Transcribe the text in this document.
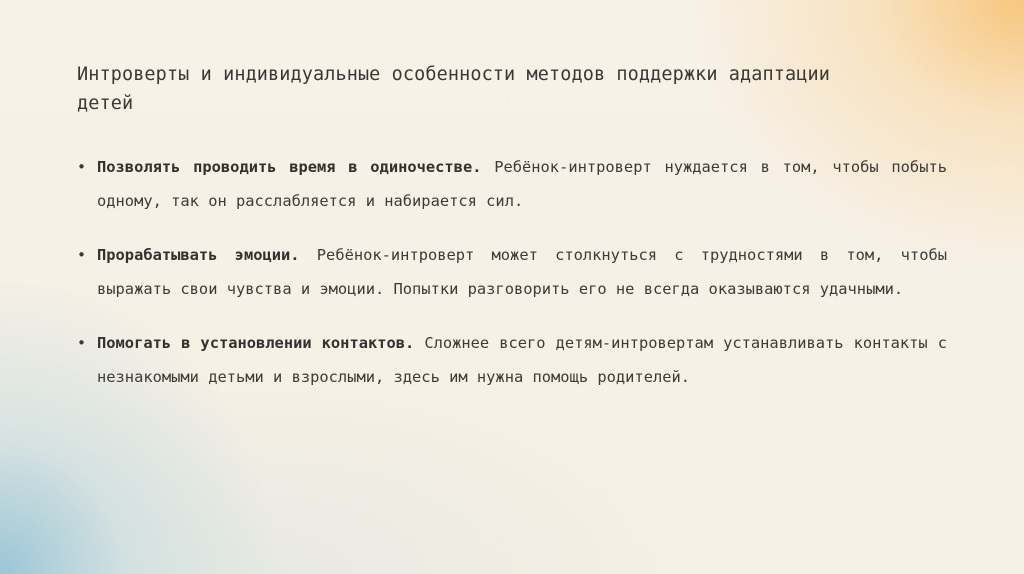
Интроверты и индивидуальные особенности методов поддержки адаптации детей
• Позволять проводить время в одиночестве. Ребёнок-интроверт нуждается в том, чтобы побыть одному, так он расслабляется и набирается сил.
• Прорабатывать эмоции. Ребёнок-интроверт может столкнуться с трудностями в том, чтобы выражать свои чувства и эмоции. Попытки разговорить его не всегда оказываются удачными.
• Помогать в установлении контактов. Сложнее всего детям-интровертам устанавливать контакты с незнакомыми детьми и взрослыми, здесь им нужна помощь родителей.
